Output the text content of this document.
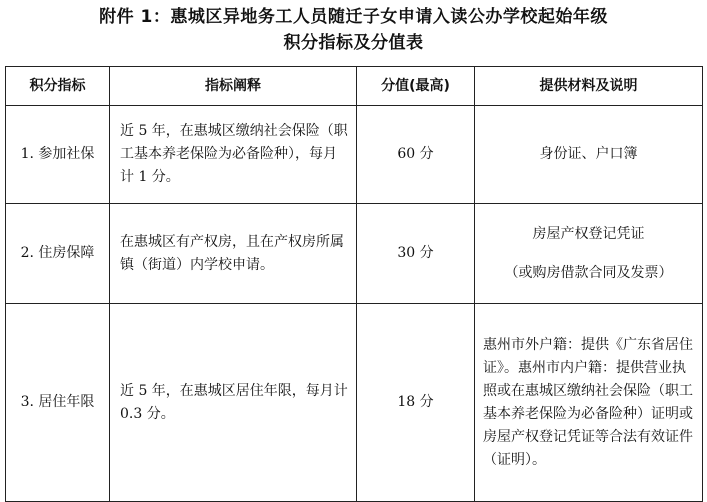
附件 1：惠城区异地务工人员随迁子女申请入读公办学校起始年级
积分指标及分值表
积分指标	指标阐释	分值(最高)	提供材料及说明
1. 参加社保	近 5 年，在惠城区缴纳社会保险（职工基本养老保险为必备险种），每月计 1 分。	60 分	身份证、户口簿

2. 住房保障	在惠城区有产权房，且在产权房所属镇（街道）内学校申请。	30 分	房屋产权登记凭证
（或购房借款合同及发票）

3. 居住年限	近 5 年，在惠城区居住年限，每月计 0.3 分。	18 分	惠州市外户籍：提供《广东省居住证》。惠州市内户籍：提供营业执照或在惠城区缴纳社会保险（职工基本养老保险为必备险种）证明或房屋产权登记凭证等合法有效证件（证明）。
